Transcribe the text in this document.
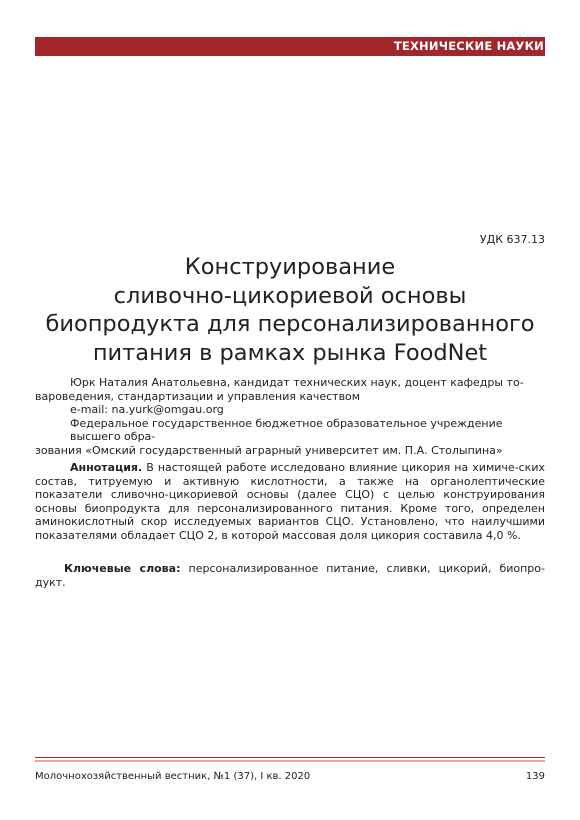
ТЕХНИЧЕСКИЕ НАУКИ
УДК 637.13
Конструирование
сливочно-цикориевой основы
биопродукта для персонализированного
питания в рамках рынка FoodNet

Юрк Наталия Анатольевна, кандидат технических наук, доцент кафедры то-

вароведения, стандартизации и управления качеством

e-mail: na.yurk@omgau.org

Федеральное государственное бюджетное образовательное учреждение высшего обра-

зования «Омский государственный аграрный университет им. П.А. Столыпина»

Аннотация. В настоящей работе исследовано влияние цикория на химиче-ских состав, титруемую и активную кислотности, а также на органолептические показатели сливочно-цикориевой основы (далее СЦО) с целью конструирования основы биопродукта для персонализированного питания. Кроме того, определен аминокислотный скор исследуемых вариантов СЦО. Установлено, что наилучшими показателями обладает СЦО 2, в которой массовая доля цикория составила 4,0 %.
Ключевые слова: персонализированное питание, сливки, цикорий, биопро-дукт.
Молочнохозяйственный вестник, №1 (37), I кв. 2020	139
